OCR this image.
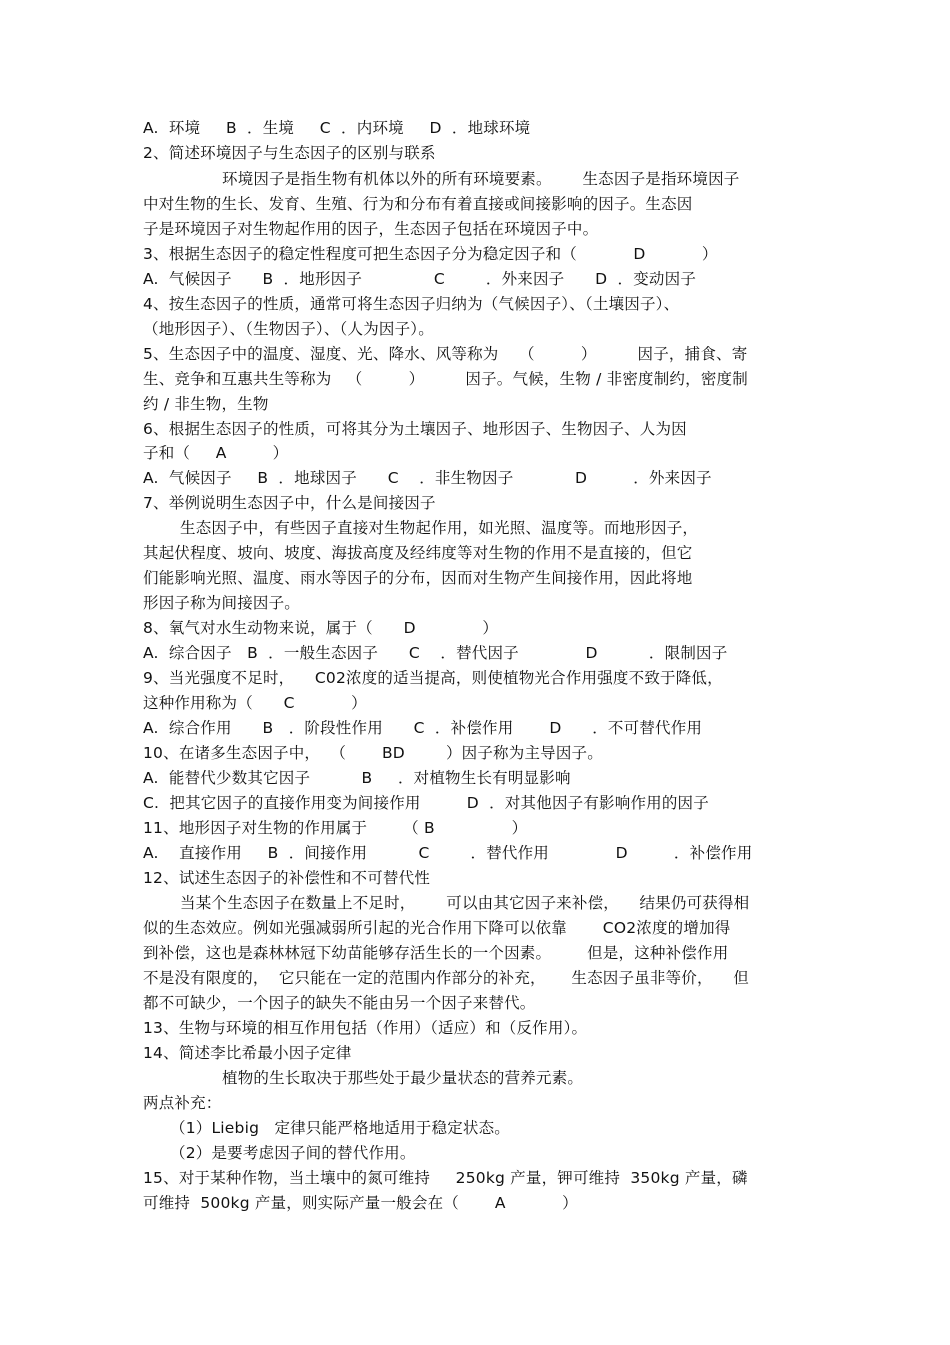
A.  环境     B  ．生境     C  ．内环境     D  ．地球环境
2、简述环境因子与生态因子的区别与联系
环境因子是指生物有机体以外的所有环境要素。      生态因子是指环境因子
中对生物的生长、发育、生殖、行为和分布有着直接或间接影响的因子。生态因
子是环境因子对生物起作用的因子，生态因子包括在环境因子中。
3、根据生态因子的稳定性程度可把生态因子分为稳定因子和（           D           ）
A.  气候因子      B  ．地形因子              C        ．外来因子      D  ．变动因子
4、按生态因子的性质，通常可将生态因子归纳为（气候因子）、（土壤因子）、
（地形因子）、（生物因子）、（人为因子）。
5、生态因子中的温度、湿度、光、降水、风等称为    （         ）        因子，捕食、寄
生、竞争和互惠共生等称为   （         ）        因子。气候，生物 / 非密度制约，密度制
约 / 非生物，生物
6、根据生态因子的性质，可将其分为土壤因子、地形因子、生物因子、人为因
子和（     A         ）
A.  气候因子     B  ．地球因子      C    ．非生物因子            D         ．外来因子
7、举例说明生态因子中，什么是间接因子
生态因子中，有些因子直接对生物起作用，如光照、温度等。而地形因子，
其起伏程度、坡向、坡度、海拔高度及经纬度等对生物的作用不是直接的，但它
们能影响光照、温度、雨水等因子的分布，因而对生物产生间接作用，因此将地
形因子称为间接因子。
8、氧气对水生动物来说，属于（      D             ）
A.  综合因子   B  ．一般生态因子      C    ．替代因子             D          ．限制因子
9、当光强度不足时，    C02浓度的适当提高，则使植物光合作用强度不致于降低，
这种作用称为（      C           ）
A.  综合作用      B   ．阶段性作用      C  ．补偿作用       D      ．不可替代作用
10、在诸多生态因子中，  （       BD        ）因子称为主导因子。
A.  能替代少数其它因子          B     ．对植物生长有明显影响
C.  把其它因子的直接作用变为间接作用         D  ．对其他因子有影响作用的因子
11、地形因子对生物的作用属于       （ B               ）
A.    直接作用     B  ．间接作用          C        ．替代作用             D         ．补偿作用
12、试述生态因子的补偿性和不可替代性
当某个生态因子在数量上不足时，      可以由其它因子来补偿，    结果仍可获得相
似的生态效应。例如光强减弱所引起的光合作用下降可以依靠       CO2浓度的增加得
到补偿，这也是森林林冠下幼苗能够存活生长的一个因素。       但是，这种补偿作用
不是没有限度的，  它只能在一定的范围内作部分的补充，     生态因子虽非等价，    但
都不可缺少，一个因子的缺失不能由另一个因子来替代。
13、生物与环境的相互作用包括（作用）（适应）和（反作用）。
14、简述李比希最小因子定律
植物的生长取决于那些处于最少量状态的营养元素。
两点补充：
（1）Liebig   定律只能严格地适用于稳定状态。
（2）是要考虑因子间的替代作用。
15、对于某种作物，当土壤中的氮可维持     250kg 产量，钾可维持  350kg 产量，磷
可维持  500kg 产量，则实际产量一般会在（       A           ）
